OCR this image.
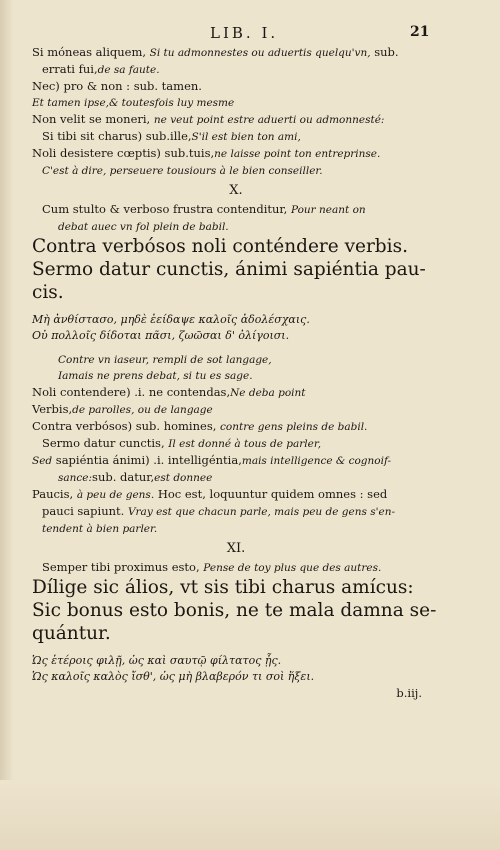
LIB. I.	21
Si móneas aliquem, Si tu admonnestes ou aduertis quelqu'vn, sub.
errati fui,de sa faute.
Nec) pro & non : sub. tamen.
Et tamen ipse,& toutesfois luy mesme
Non velit se moneri, ne veut point estre aduerti ou admonnesté:
Si tibi sit charus) sub.ille,S'il est bien ton ami,
Noli desistere cœptis) sub.tuis,ne laisse point ton entreprinse.
C'est à dire, perseuere tousiours à le bien conseiller.
X.
Cum stulto & verboso frustra contenditur, Pour neant on
debat auec vn fol plein de babil.
Contra verbósos noli conténdere verbis.
Sermo datur cunctis, ánimi sapiéntia pau-
cis.
Μὴ ἀνθίστασο, μηδὲ ἐείδαψε καλοῖς ἀδολέσχαις.
Οὐ πολλοῖς δίδοται πᾶσι, ζωῶσαι δ' ὀλίγοισι.
Contre vn iaseur, rempli de sot langage,
Iamais ne prens debat, si tu es sage.
Noli contendere) .i. ne contendas,Ne deba point
Verbis,de parolles, ou de langage
Contra verbósos) sub. homines, contre gens pleins de babil.
Sermo datur cunctis, Il est donné à tous de parler,
Sed sapiéntia ánimi) .i. intelligéntia,mais intelligence & cognoif-
sance:sub. datur,est donnee
Paucis, à peu de gens. Hoc est, loquuntur quidem omnes : sed
pauci sapiunt. Vray est que chacun parle, mais peu de gens s'en-
tendent à bien parler.
XI.
Semper tibi proximus esto, Pense de toy plus que des autres.
Dílige sic álios, vt sis tibi charus amícus:
Sic bonus esto bonis, ne te mala damna se-
quántur.
Ὡς ἑτέροις φιλῇ, ὡς καὶ σαυτῷ φίλτατος ᾖς.
Ὡς καλοῖς καλὸς ἴσθ', ὡς μὴ βλαβερόν τι σοὶ ἥξει.
b.iij.
